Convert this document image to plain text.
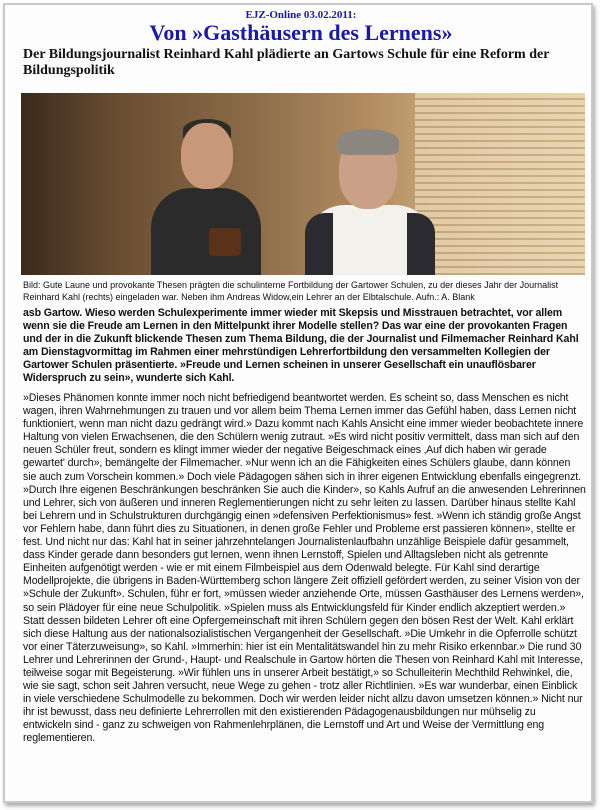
EJZ-Online 03.02.2011:
Von »Gasthäusern des Lernens»
Der Bildungsjournalist Reinhard Kahl plädierte an Gartows Schule für eine Reform der Bildungspolitik
Bild: Gute Laune und provokante Thesen prägten die schulinterne Fortbildung der Gartower Schulen, zu der dieses Jahr der Journalist Reinhard Kahl (rechts) eingeladen war. Neben ihm Andreas Widow,ein Lehrer an der Elbtalschule. Aufn.: A. Blank
asb Gartow. Wieso werden Schulexperimente immer wieder mit Skepsis und Misstrauen betrachtet, vor allem wenn sie die Freude am Lernen in den Mittelpunkt ihrer Modelle stellen? Das war eine der provokanten Fragen und der in die Zukunft blickende Thesen zum Thema Bildung, die der Journalist und Filmemacher Reinhard Kahl am Dienstagvormittag im Rahmen einer mehrstündigen Lehrerfortbildung den versammelten Kollegien der Gartower Schulen präsentierte. »Freude und Lernen scheinen in unserer Gesellschaft ein unauflösbarer Widerspruch zu sein», wunderte sich Kahl.
»Dieses Phänomen konnte immer noch nicht befriedigend beantwortet werden. Es scheint so, dass Menschen es nicht wagen, ihren Wahrnehmungen zu trauen und vor allem beim Thema Lernen immer das Gefühl haben, dass Lernen nicht funktioniert, wenn man nicht dazu gedrängt wird.» Dazu kommt nach Kahls Ansicht eine immer wieder beobachtete innere Haltung von vielen Erwachsenen, die den Schülern wenig zutraut. »Es wird nicht positiv vermittelt, dass man sich auf den neuen Schüler freut, sondern es klingt immer wieder der negative Beigeschmack eines ‚Auf dich haben wir gerade gewartet' durch», bemängelte der Filmemacher. »Nur wenn ich an die Fähigkeiten eines Schülers glaube, dann können sie auch zum Vorschein kommen.» Doch viele Pädagogen sähen sich in ihrer eigenen Entwicklung ebenfalls eingegrenzt. »Durch Ihre eigenen Beschränkungen beschränken Sie auch die Kinder», so Kahls Aufruf an die anwesenden Lehrerinnen und Lehrer, sich von äußeren und inneren Reglementierungen nicht zu sehr leiten zu lassen. Darüber hinaus stellte Kahl bei Lehrern und in Schulstrukturen durchgängig einen »defensiven Perfektionismus» fest. »Wenn ich ständig große Angst vor Fehlern habe, dann führt dies zu Situationen, in denen große Fehler und Probleme erst passieren können», stellte er fest. Und nicht nur das: Kahl hat in seiner jahrzehntelangen Journalistenlaufbahn unzählige Beispiele dafür gesammelt, dass Kinder gerade dann besonders gut lernen, wenn ihnen Lernstoff, Spielen und Alltagsleben nicht als getrennte Einheiten aufgenötigt werden - wie er mit einem Filmbeispiel aus dem Odenwald belegte. Für Kahl sind derartige Modellprojekte, die übrigens in Baden-Württemberg schon längere Zeit offiziell gefördert werden, zu seiner Vision von der »Schule der Zukunft». Schulen, führ er fort, »müssen wieder anziehende Orte, müssen Gasthäuser des Lernens werden», so sein Plädoyer für eine neue Schulpolitik. »Spielen muss als Entwicklungsfeld für Kinder endlich akzeptiert werden.» Statt dessen bildeten Lehrer oft eine Opfergemeinschaft mit ihren Schülern gegen den bösen Rest der Welt. Kahl erklärt sich diese Haltung aus der nationalsozialistischen Vergangenheit der Gesellschaft. »Die Umkehr in die Opferrolle schützt vor einer Täterzuweisung», so Kahl. »Immerhin: hier ist ein Mentalitätswandel hin zu mehr Risiko erkennbar.» Die rund 30 Lehrer und Lehrerinnen der Grund-, Haupt- und Realschule in Gartow hörten die Thesen von Reinhard Kahl mit Interesse, teilweise sogar mit Begeisterung. »Wir fühlen uns in unserer Arbeit bestätigt,» so Schulleiterin Mechthild Rehwinkel, die, wie sie sagt, schon seit Jahren versucht, neue Wege zu gehen - trotz aller Richtlinien. »Es war wunderbar, einen Einblick in viele verschiedene Schulmodelle zu bekommen. Doch wir werden leider nicht allzu davon umsetzen können.» Nicht nur ihr ist bewusst, dass neu definierte Lehrerrollen mit den existierenden Pädagogenausbildungen nur mühselig zu entwickeln sind - ganz zu schweigen von Rahmenlehrplänen, die Lernstoff und Art und Weise der Vermittlung eng reglementieren.
